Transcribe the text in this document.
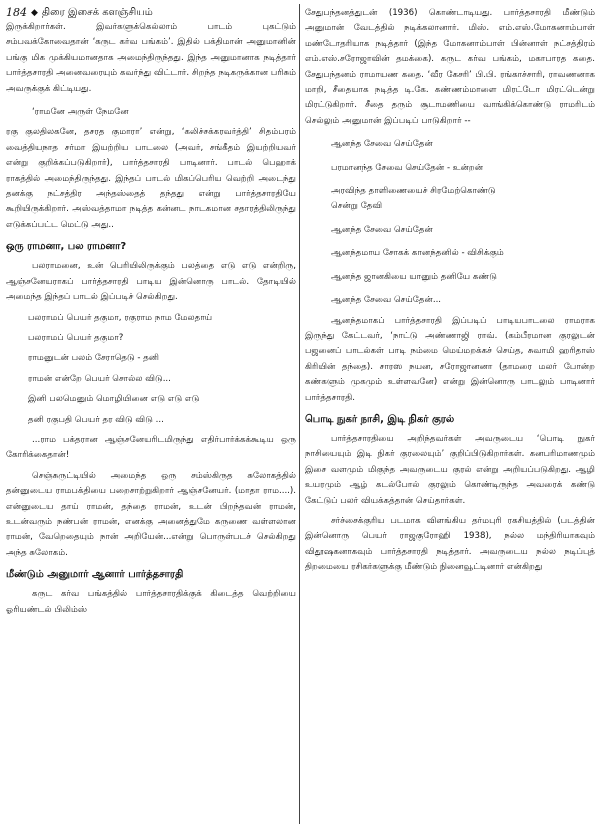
184 ◆ திரை இசைக் களஞ்சியம்

இருக்கிறார்கள். இவர்களுக்கெல்லாம் பாடம் புகட்டும் சம்பவக்கோவைதான் ‘கருட கர்வ பங்கம்’. இதில் பக்திமான் அனுமானின் பங்கு மிக முக்கியமானதாக அமைந்திருந்தது. இந்த அனுமானாக நடித்தார் பார்த்தசாரதி அனைவரையும் கவர்ந்து விட்டார். சிறந்த நடிகருக்கான பரிசும் அவருக்குக் கிட்டியது.

‘ராமனே அருள் நேமனே

ரகு குலதிலகனே, தசரத குமாரா’ என்று, ‘கலிச்சக்கரவர்த்தி’ சிதம்பரம் வைத்தியநாத சர்மா இயற்றிய பாடலை (அவர், சங்கீதம் இயற்றியவர் என்று குறிக்கப்படுகிறார்), பார்த்தசாரதி பாடினார். பாடல் பெஹாக் ராகத்தில் அமைந்திருந்தது. இந்தப் பாடல் மிகப்பெரிய வெற்றி அடைந்து தனக்கு நட்சத்திர அந்தஸ்தைத் தந்தது என்று பார்த்தசாரதியே கூறியிருக்கிறார். அஸ்வத்தாமா நடித்த கன்னட நாடகமான சதாரத்திலிருந்து எடுக்கப்பட்ட மெட்டு அது..

ஒரு ராமனா, பல ராமனா?

பலராமனை, உன் பெரியிலிருக்கும் பலத்தை எடு எடு என்றிரு, ஆஞ்சனேயராகப் பார்த்தசாரதி பாடிய இன்னொரு பாடல். தோடியில் அமைந்த இந்தப் பாடல் இப்படிச் செல்கிறது.

பலராமப் பெயர் தகுமா, ரகுராம நாம மேலதாய்
பலராமப் பெயர் தகுமா?
ராமனுடன் பலம் சேராதெடு - தனி
ராமன் என்றே பெயர் சொல்ல விடு...
இனி பலமெனும் மொழியினை எடு எடு எடு
தனி ரகுபதி பெயர் தர விடு விடு ...

...ராம பக்தரான ஆஞ்சனேயரிடமிருந்து எதிர்பார்க்கக்கூடிய ஒரு கோரிக்கைதான்!

செஞ்சுருட்டியில் அமைந்த ஒரு சம்ஸ்கிருத சுலோகத்தில் தன்னுடைய ராமபக்தியை பறைசாற்றுகிறார் ஆஞ்சனேயர். (மாதா ராம....). என்னுடைய தாய் ராமன், தந்தை ராமன், உடன் பிறந்தவன் ராமன், உடன்வரும் நண்பன் ராமன், எனக்கு அனைத்துமே கருணை வள்ளலான ராமன், வேறெதையும் நான் அறியேன்...என்று பொருள்படச் செல்கிறது அந்த சுலோகம்.

மீண்டும் அனுமார் ஆனார் பார்த்தசாரதி

கருட கர்வ பங்கத்தில் பார்த்தசாரதிக்குக் கிடைத்த வெற்றியை ஓரியண்டல் பிலிம்ஸ்

சேதுபந்தனத்துடன் (1936) கொண்டாடியது. பார்த்தசாரதி மீண்டும் அனுமான் வேடத்தில் நடிக்கலானார். மிஸ். எம்.எஸ்.மோகனாம்பாள் மண்டோதரியாக நடித்தார் (இந்த மோகனாம்பாள் பின்னாள் நட்சத்திரம் எம்.எஸ்.சரோஜாவின் தமக்கை). கருட கர்வ பங்கம், மகாபாரத கதை. சேதுபந்தனம் ராமாயண கதை. ‘வீர கேசரி’ பி.பி. ரங்காச்சாரி, ராவணனாக மாறி, சீதையாக நடித்த டி.கே. கண்ணம்மாளை மிரட்டோ மிரட்டென்று மிரட்டுகிறார். சீதை தரும் சூடாமணியை வாங்கிக்கொண்டு ராமரிடம் செல்லும் அனுமான் இப்படிப் பாடுகிறார் --

ஆனந்த சேவை செய்தேன்
பரமானந்த சேவை செய்தேன் - உன்றன்
அரவிந்த தாளிணையைச் சிரமேற்கொண்டு
சென்று தேவி
ஆனந்த சேவை செய்தேன்
ஆனந்தமாய சோகக் கானந்தனில் - விசிக்கும்
ஆனந்த ஜானகியை யானும் தனியே கண்டு
ஆனந்த சேவை செய்தேன்...

ஆனந்தமாகப் பார்த்தசாரதி இப்படிப் பாடியபாடலை ராமராக இருந்து கேட்டவர், ‘நாட்டு அண்ணாஜி ராவ். (கம்பீரமான குரலுடன் பஜனைப் பாடல்கள் பாடி நம்மை மெய்மறக்கச் செய்த, சுவாமி ஹரிதாஸ் கிரியின் தந்தை). சாரஸ நயன, சரோஜானனா (தாமரை மலர் போன்ற கண்களும் முகமும் உள்ளவனே) என்று இன்னொரு பாடலும் பாடினார் பார்த்தசாரதி.

பொடி நுகர் நாசி, இடி நிகர் குரல்

பார்த்தசாரதியை அறிந்தவர்கள் அவருடைய ‘பொடி நுகர் நாசியையும் இடி நிகர் குரலையும்’ குறிப்பிடுகிறார்கள். கனபரிமாணமும் இசை வளமும் மிகுந்த அவருடைய குரல் என்று அறியப்படுகிறது. ஆழி உயரமும் ஆழ் கடல்போல் குரலும் கொண்டிருந்த அவரைக் கண்டு கேட்டுப் பலர் வியக்கத்தான் செய்தார்கள்.

சர்ச்சைக்குரிய படமாக விளங்கிய தர்மபுரி ரகசியத்தில் (படத்தின் இன்னொரு பெயர் ராஜகுரோஹி 1938), நல்ல மந்திரியாகவும் விதூஷகனாகவும் பார்த்தசாரதி நடித்தார். அவருடைய நல்ல நடிப்புத் திறமையை ரசிகர்களுக்கு மீண்டும் நினைவூட்டினார் என்கிறது
